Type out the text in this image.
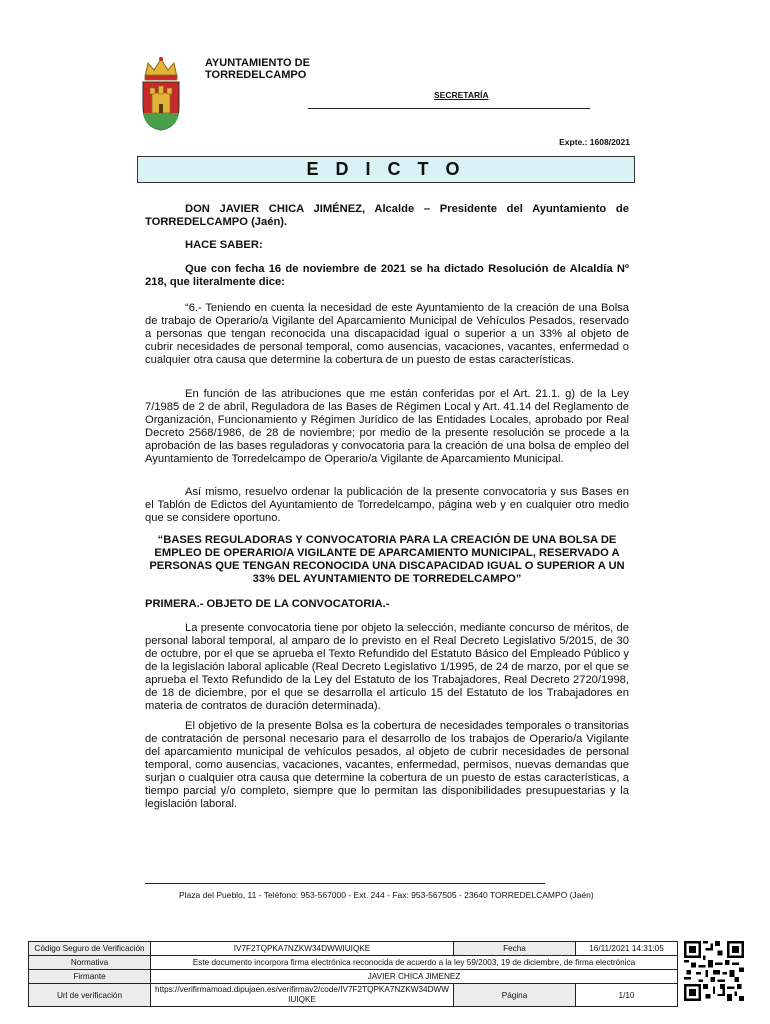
AYUNTAMIENTO DE
TORREDELCAMPO
SECRETARÍA
Expte.: 1608/2021
E D I C T O
DON JAVIER CHICA JIMÉNEZ, Alcalde – Presidente del Ayuntamiento de TORREDELCAMPO (Jaén).
HACE SABER:
Que con fecha 16 de noviembre de 2021 se ha dictado Resolución de Alcaldía Nº 218, que literalmente dice:
“6.- Teniendo en cuenta la necesidad de este Ayuntamiento de la creación de una Bolsa de trabajo de Operario/a Vigilante del Aparcamiento Municipal de Vehículos Pesados, reservado a personas que tengan reconocida una discapacidad igual o superior a un 33% al objeto de cubrir necesidades de personal temporal, como ausencias, vacaciones, vacantes, enfermedad o cualquier otra causa que determine la cobertura de un puesto de estas características.
En función de las atribuciones que me están conferidas por el Art. 21.1. g) de la Ley 7/1985 de 2 de abril, Reguladora de las Bases de Régimen Local y Art. 41.14 del Reglamento de Organización, Funcionamiento y Régimen Jurídico de las Entidades Locales, aprobado por Real Decreto 2568/1986, de 28 de noviembre; por medio de la presente resolución se procede a la aprobación de las bases reguladoras y convocatoria para la creación de una bolsa de empleo del Ayuntamiento de Torredelcampo de Operario/a Vigilante de Aparcamiento Municipal.
Así mismo, resuelvo ordenar la publicación de la presente convocatoria y sus Bases en el Tablón de Edictos del Ayuntamiento de Torredelcampo, página web y en cualquier otro medio que se considere oportuno.
“BASES REGULADORAS Y CONVOCATORIA PARA LA CREACIÓN DE UNA BOLSA DE EMPLEO DE OPERARIO/A VIGILANTE DE APARCAMIENTO MUNICIPAL, RESERVADO A PERSONAS QUE TENGAN RECONOCIDA UNA DISCAPACIDAD IGUAL O SUPERIOR A UN 33% DEL AYUNTAMIENTO DE TORREDELCAMPO”
PRIMERA.- OBJETO DE LA CONVOCATORIA.-
La presente convocatoria tiene por objeto la selección, mediante concurso de méritos, de personal laboral temporal, al amparo de lo previsto en el Real Decreto Legislativo 5/2015, de 30 de octubre, por el que se aprueba el Texto Refundido del Estatuto Básico del Empleado Público y de la legislación laboral aplicable (Real Decreto Legislativo 1/1995, de 24 de marzo, por el que se aprueba el Texto Refundido de la Ley del Estatuto de los Trabajadores, Real Decreto 2720/1998, de 18 de diciembre, por el que se desarrolla el artículo 15 del Estatuto de los Trabajadores en materia de contratos de duración determinada).
El objetivo de la presente Bolsa es la cobertura de necesidades temporales o transitorias de contratación de personal necesario para el desarrollo de los trabajos de Operario/a Vigilante del aparcamiento municipal de vehículos pesados, al objeto de cubrir necesidades de personal temporal, como ausencias, vacaciones, vacantes, enfermedad, permisos, nuevas demandas que surjan o cualquier otra causa que determine la cobertura de un puesto de estas características, a tiempo parcial y/o completo, siempre que lo permitan las disponibilidades presupuestarias y la legislación laboral.
Plaza del Pueblo, 11 - Teléfono: 953-567000 - Ext. 244 - Fax: 953-567505 - 23640 TORREDELCAMPO (Jaén)
Código Seguro de Verificación	IV7F2TQPKA7NZKW34DWWIUIQKE	Fecha	16/11/2021 14:31:05
Normativa	Este documento incorpora firma electrónica reconocida de acuerdo a la ley 59/2003, 19 de diciembre, de firma electrónica		
Firmante	JAVIER CHICA JIMENEZ		
Url de verificación	https://verifirmamoad.dipujaen.es/verifirmav2/code/IV7F2TQPKA7NZKW34DWWIUIQKE	Página	1/10
